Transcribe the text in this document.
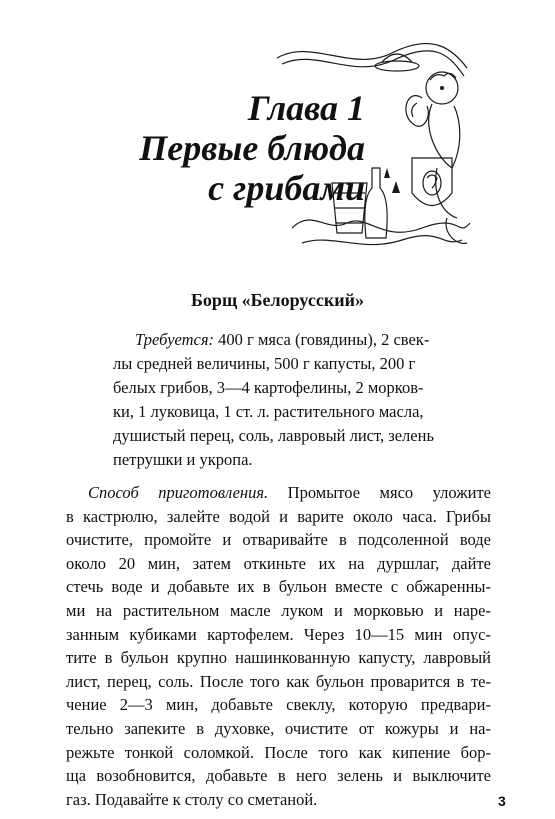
Глава 1
Первые блюда
с грибами
Борщ «Белорусский»
Требуется: 400 г мяса (говядины), 2 свек-
лы средней величины, 500 г капусты, 200 г
белых грибов, 3—4 картофелины, 2 морков-
ки, 1 луковица, 1 ст. л. растительного масла,
душистый перец, соль, лавровый лист, зелень
петрушки и укропа.
Способ приготовления. Промытое мясо уложите
в кастрюлю, залейте водой и варите около часа. Грибы
очистите, промойте и отваривайте в подсоленной воде
около 20 мин, затем откиньте их на дуршлаг, дайте
стечь воде и добавьте их в бульон вместе с обжаренны-
ми на растительном масле луком и морковью и наре-
занным кубиками картофелем. Через 10—15 мин опус-
тите в бульон крупно нашинкованную капусту, лавровый
лист, перец, соль. После того как бульон проварится в те-
чение 2—3 мин, добавьте свеклу, которую предвари-
тельно запеките в духовке, очистите от кожуры и на-
режьте тонкой соломкой. После того как кипение бор-
ща возобновится, добавьте в него зелень и выключите
газ. Подавайте к столу со сметаной.	3
